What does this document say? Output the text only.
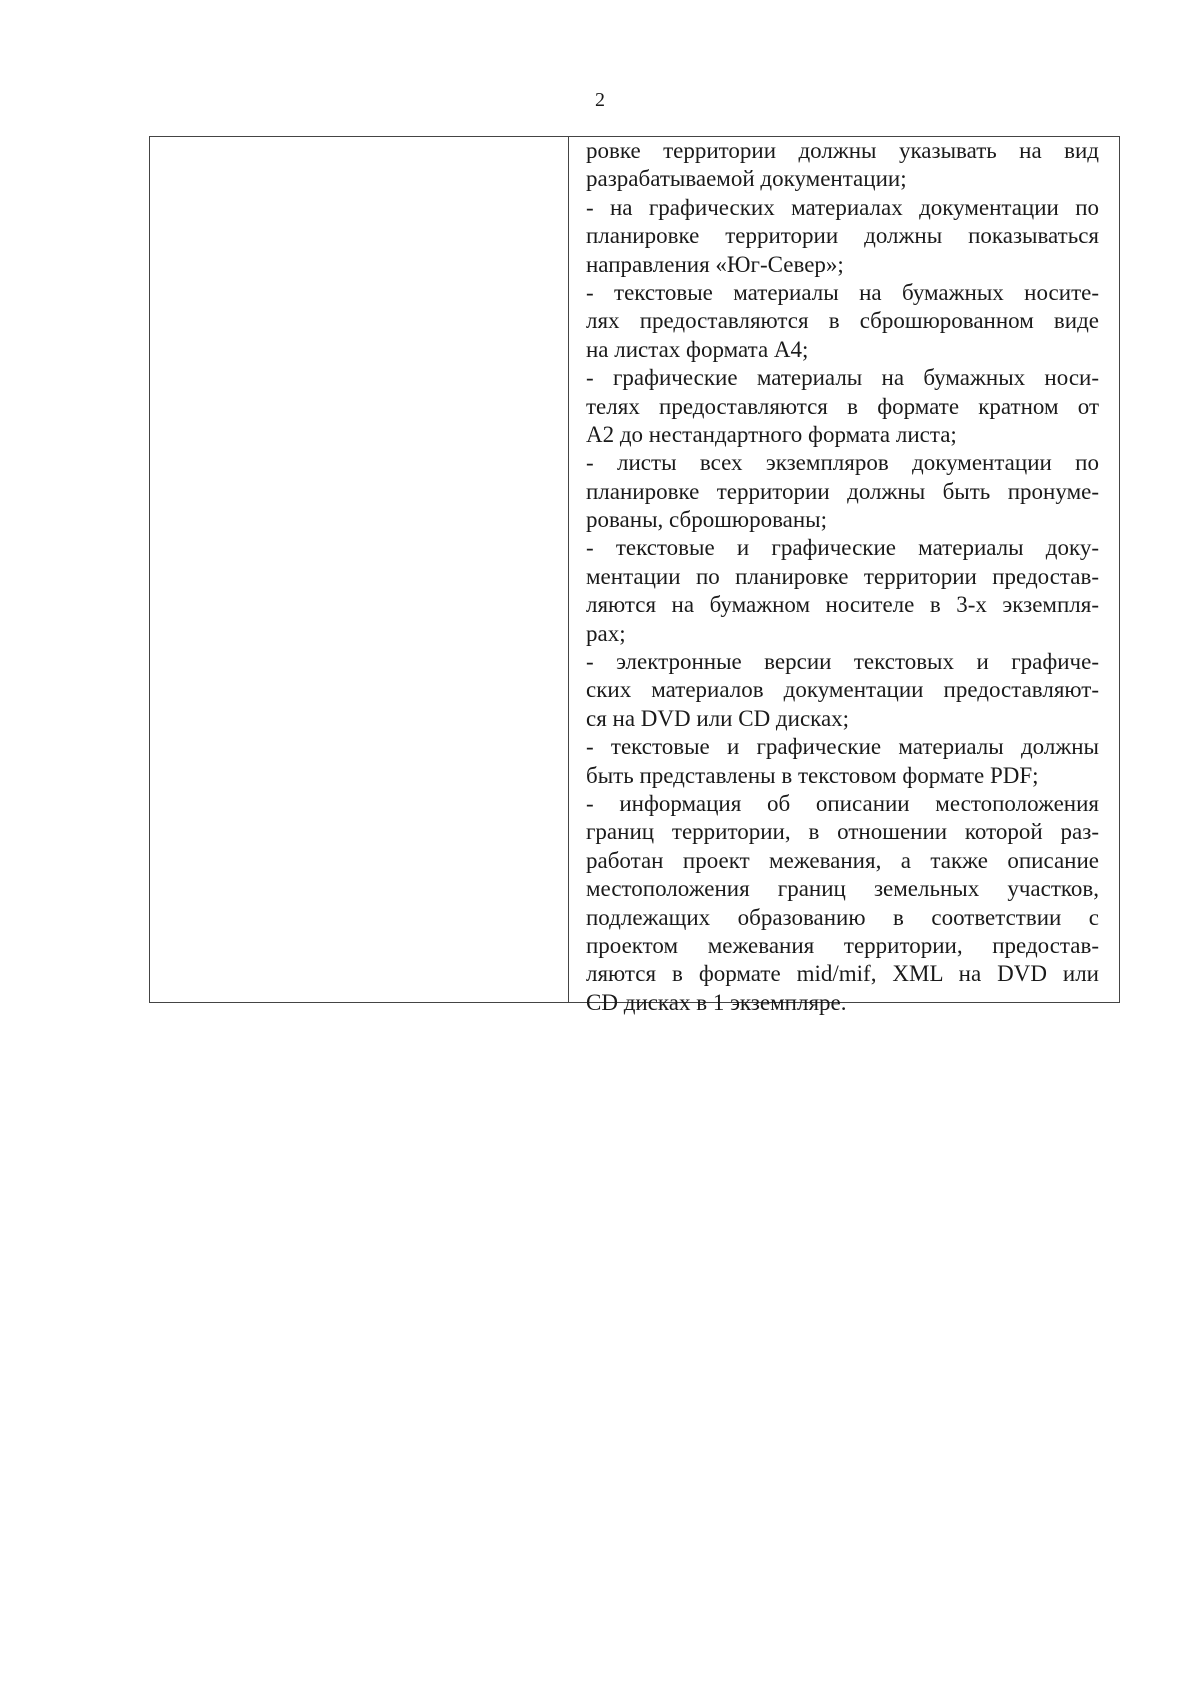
2
ровке территории должны указывать на вид
разрабатываемой документации;
- на графических материалах документации по
планировке территории должны показываться
направления «Юг-Север»;
- текстовые материалы на бумажных носите-
лях предоставляются в сброшюрованном виде
на листах формата А4;
- графические материалы на бумажных носи-
телях предоставляются в формате кратном от
А2 до нестандартного формата листа;
- листы всех экземпляров документации по
планировке территории должны быть пронуме-
рованы, сброшюрованы;
- текстовые и графические материалы доку-
ментации по планировке территории предостав-
ляются на бумажном носителе в 3-х экземпля-
рах;
- электронные версии текстовых и графиче-
ских материалов документации предоставляют-
ся на DVD или CD дисках;
- текстовые и графические материалы должны
быть представлены в текстовом формате PDF;
- информация об описании местоположения
границ территории, в отношении которой раз-
работан проект межевания, а также описание
местоположения границ земельных участков,
подлежащих образованию в соответствии с
проектом межевания территории, предостав-
ляются в формате mid/mif, XML на DVD или
CD дисках в 1 экземпляре.
